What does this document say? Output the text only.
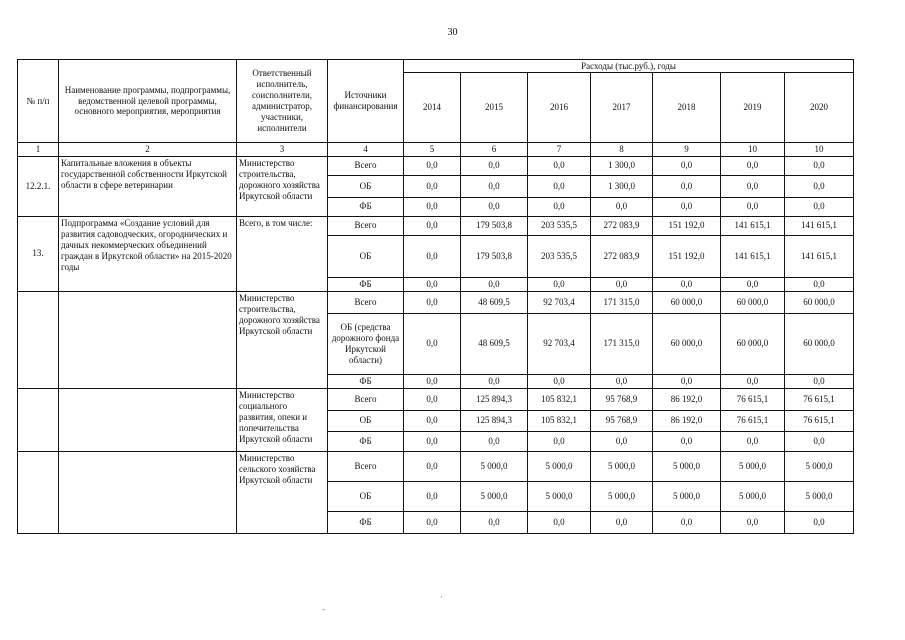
30
№ п/п	Наименование программы, подпрограммы, ведомственной целевой программы, основного мероприятия, мероприятия	Ответственный исполнитель, соисполнители, администратор, участники, исполнители	Источники финансирования	Расходы (тыс.руб.), годы						
				2014	2015	2016	2017	2018	2019	2020
1	2	3	4	5	6	7	8	9	10	10
12.2.1.	Капитальные вложения в объекты государственной собственности Иркутской области в сфере ветеринарии	Министерство строительства, дорожного хозяйства Иркутской области	Всего	0,0	0,0	0,0	1 300,0	0,0	0,0	0,0
			ОБ	0,0	0,0	0,0	1 300,0	0,0	0,0	0,0
			ФБ	0,0	0,0	0,0	0,0	0,0	0,0	0,0
13.	Подпрограмма «Создание условий для развития садоводческих, огороднических и дачных некоммерческих объединений граждан в Иркутской области» на 2015-2020 годы	Всего, в том числе:	Всего	0,0	179 503,8	203 535,5	272 083,9	151 192,0	141 615,1	141 615,1
			ОБ	0,0	179 503,8	203 535,5	272 083,9	151 192,0	141 615,1	141 615,1
			ФБ	0,0	0,0	0,0	0,0	0,0	0,0	0,0
		Министерство строительства, дорожного хозяйства Иркутской области	Всего	0,0	48 609,5	92 703,4	171 315,0	60 000,0	60 000,0	60 000,0
			ОБ (средства дорожного фонда Иркутской области)	0,0	48 609,5	92 703,4	171 315,0	60 000,0	60 000,0	60 000,0
			ФБ	0,0	0,0	0,0	0,0	0,0	0,0	0,0
		Министерство социального развития, опеки и попечительства Иркутской области	Всего	0,0	125 894,3	105 832,1	95 768,9	86 192,0	76 615,1	76 615,1
			ОБ	0,0	125 894,3	105 832,1	95 768,9	86 192,0	76 615,1	76 615,1
			ФБ	0,0	0,0	0,0	0,0	0,0	0,0	0,0
		Министерство сельского хозяйства Иркутской области	Всего	0,0	5 000,0	5 000,0	5 000,0	5 000,0	5 000,0	5 000,0
			ОБ	0,0	5 000,0	5 000,0	5 000,0	5 000,0	5 000,0	5 000,0
			ФБ	0,0	0,0	0,0	0,0	0,0	0,0	0,0
-
·
